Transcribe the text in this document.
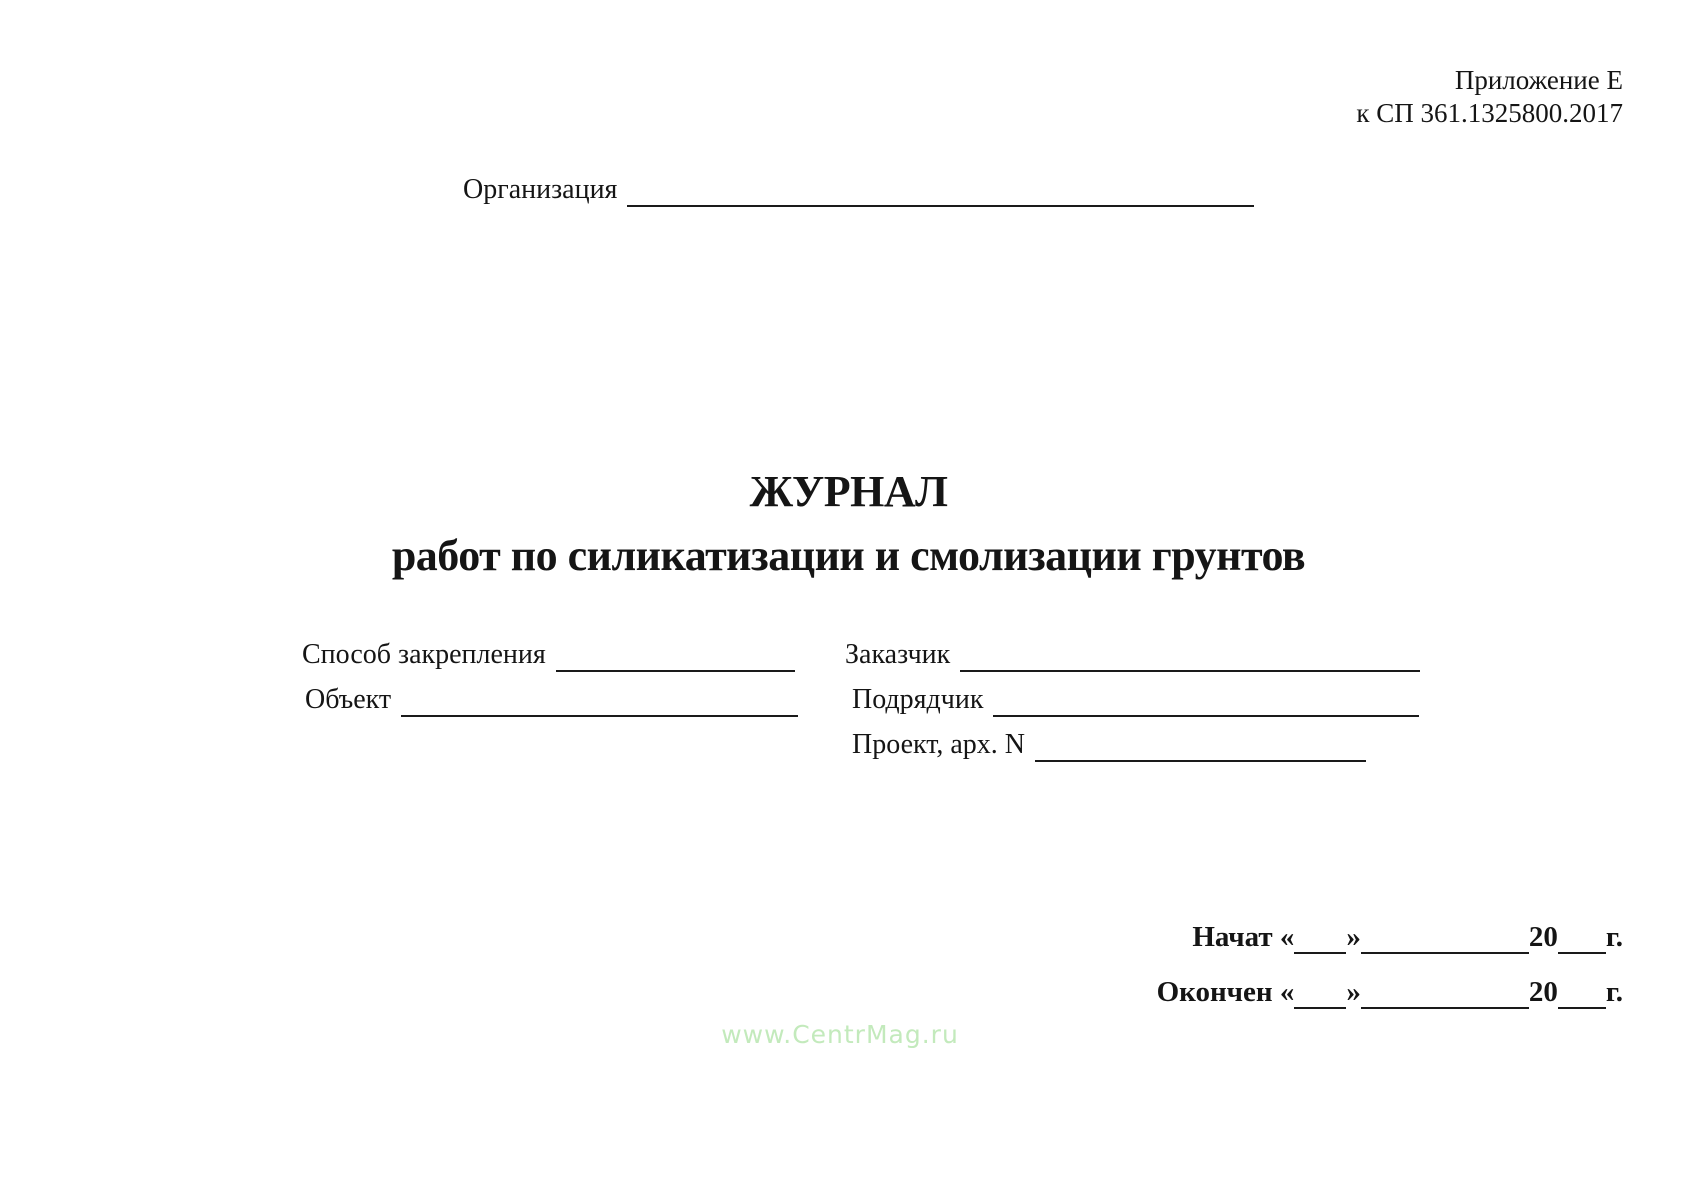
Приложение Е
к СП 361.1325800.2017
Организация
ЖУРНАЛ
работ по силикатизации и смолизации грунтов
Способ закрепления
Объект
Заказчик
Подрядчик
Проект, арх. N
Начат
« »	20 г.
Окончен
« »	20 г.
www.CentrMag.ru
